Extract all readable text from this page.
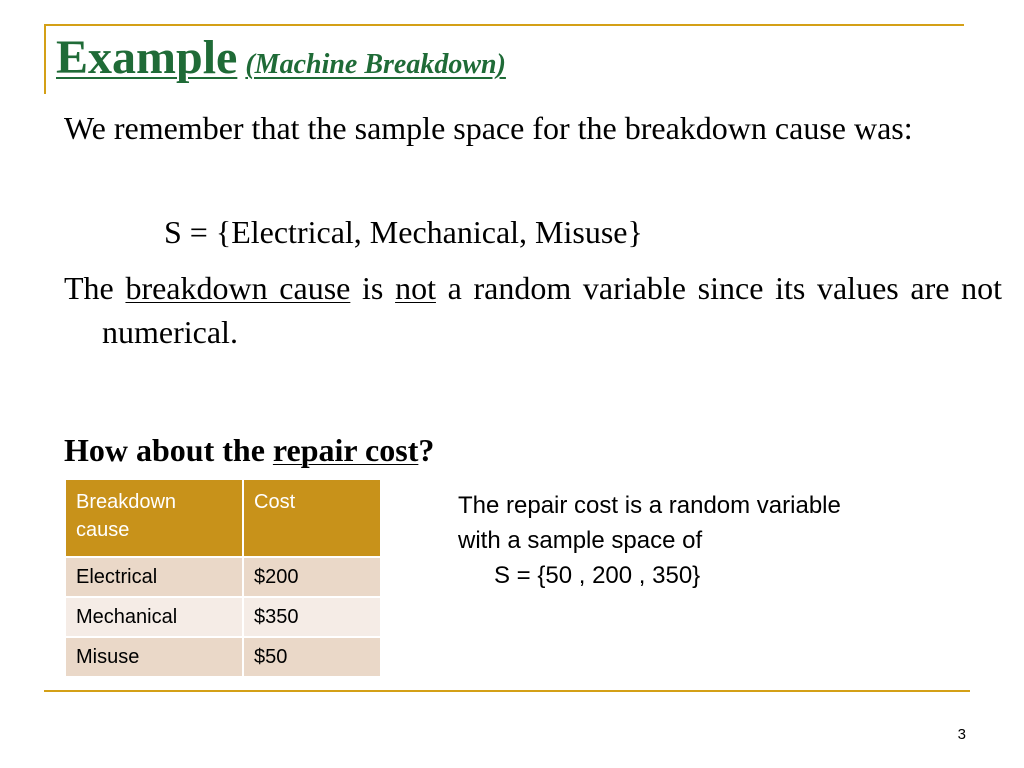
Example (Machine Breakdown)

We remember that the sample space for the breakdown cause was:

S = {Electrical, Mechanical, Misuse}

The breakdown cause is not a random variable since its values are not numerical.

How about the repair cost?

Breakdown cause	Cost
Electrical	$200
Mechanical	$350
Misuse	$50

The repair cost is a random variable
with a sample space of
S = {50 , 200 , 350}

3
